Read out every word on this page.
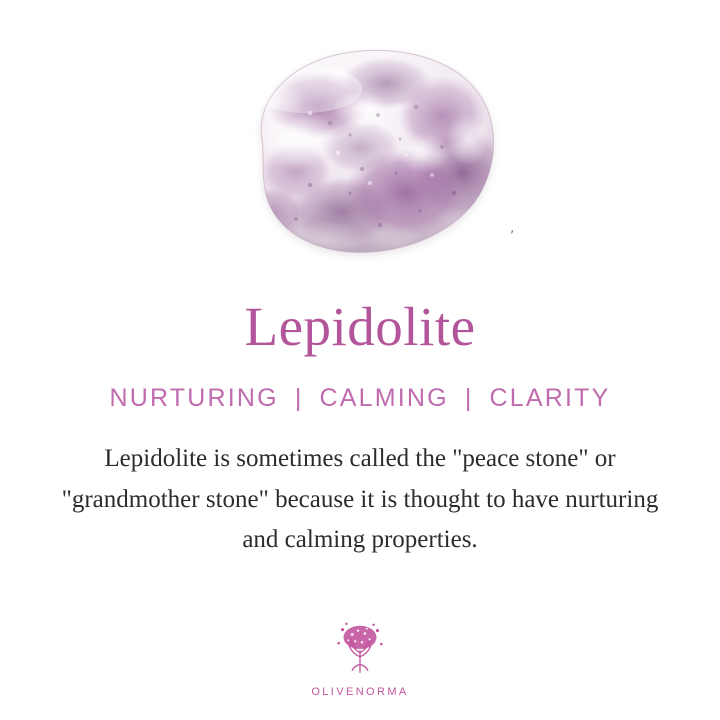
ʼ
Lepidolite
NURTURING | CALMING | CLARITY
Lepidolite is sometimes called the "peace stone" or "grandmother stone" because it is thought to have nurturing and calming properties.
OLIVENORMA
